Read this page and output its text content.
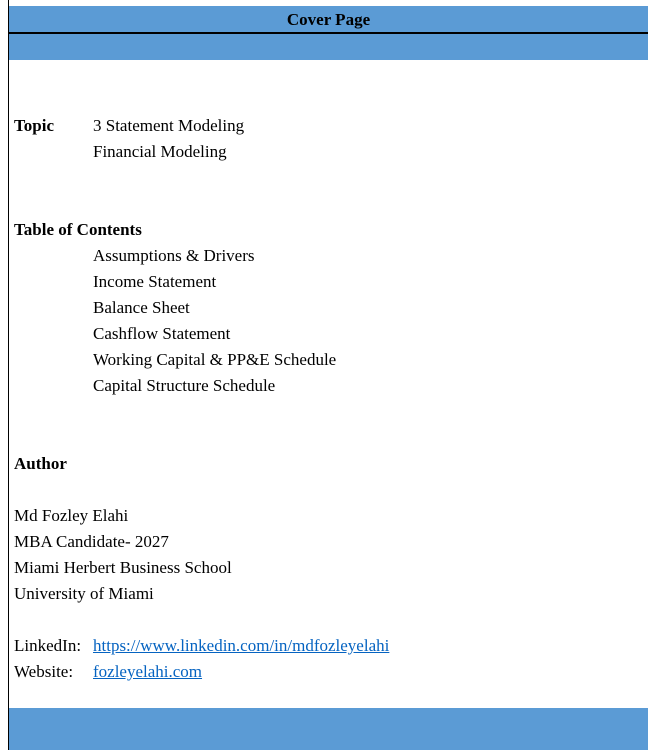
Cover Page
Topic 3 Statement Modeling
Financial Modeling
Table of Contents
Assumptions & Drivers
Income Statement
Balance Sheet
Cashflow Statement
Working Capital & PP&E Schedule
Capital Structure Schedule
Author
Md Fozley Elahi
MBA Candidate- 2027
Miami Herbert Business School
University of Miami
LinkedIn: https://www.linkedin.com/in/mdfozleyelahi
Website: fozleyelahi.com
